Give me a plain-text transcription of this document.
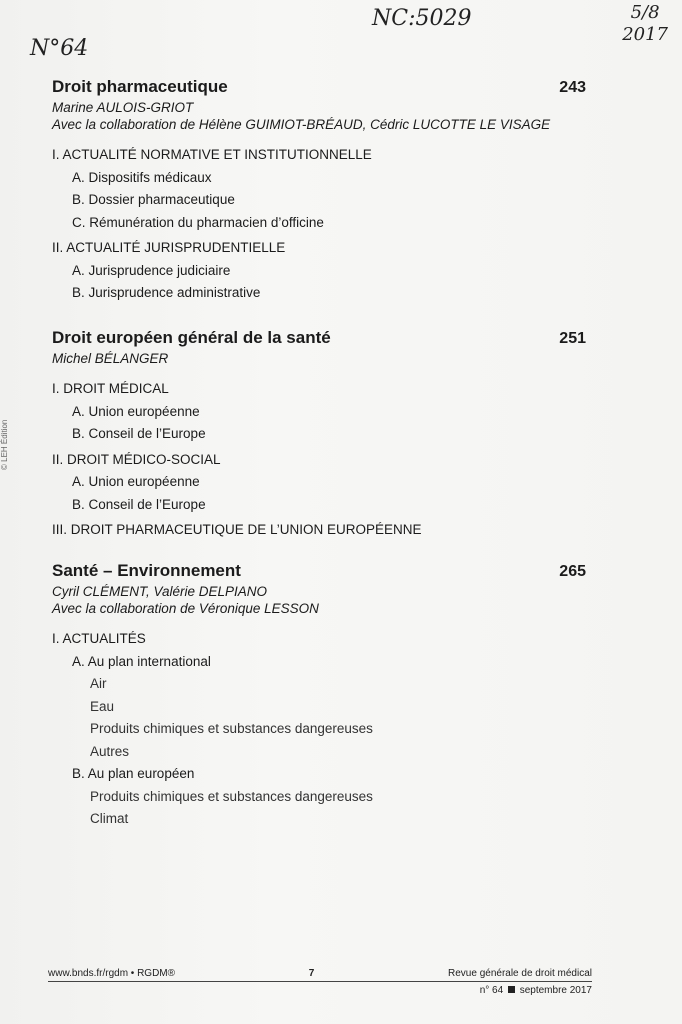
N°64
NC:5029	5/8
2017
© LEH Édition
Droit pharmaceutique	243
Marine AULOIS-GRIOT
Avec la collaboration de Hélène GUIMIOT-BRÉAUD, Cédric LUCOTTE LE VISAGE
I. ACTUALITÉ NORMATIVE ET INSTITUTIONNELLE
A. Dispositifs médicaux
B. Dossier pharmaceutique
C. Rémunération du pharmacien d’officine
II. ACTUALITÉ JURISPRUDENTIELLE
A. Jurisprudence judiciaire
B. Jurisprudence administrative
Droit européen général de la santé	251
Michel BÉLANGER
I. DROIT MÉDICAL
A. Union européenne
B. Conseil de l’Europe
II. DROIT MÉDICO-SOCIAL
A. Union européenne
B. Conseil de l’Europe
III. DROIT PHARMACEUTIQUE DE L’UNION EUROPÉENNE
Santé – Environnement	265
Cyril CLÉMENT, Valérie DELPIANO
Avec la collaboration de Véronique LESSON
I. ACTUALITÉS
A. Au plan international
Air
Eau
Produits chimiques et substances dangereuses
Autres
B. Au plan européen
Produits chimiques et substances dangereuses
Climat
www.bnds.fr/rgdm • RGDM®	7	Revue générale de droit médical
n° 64 septembre 2017
